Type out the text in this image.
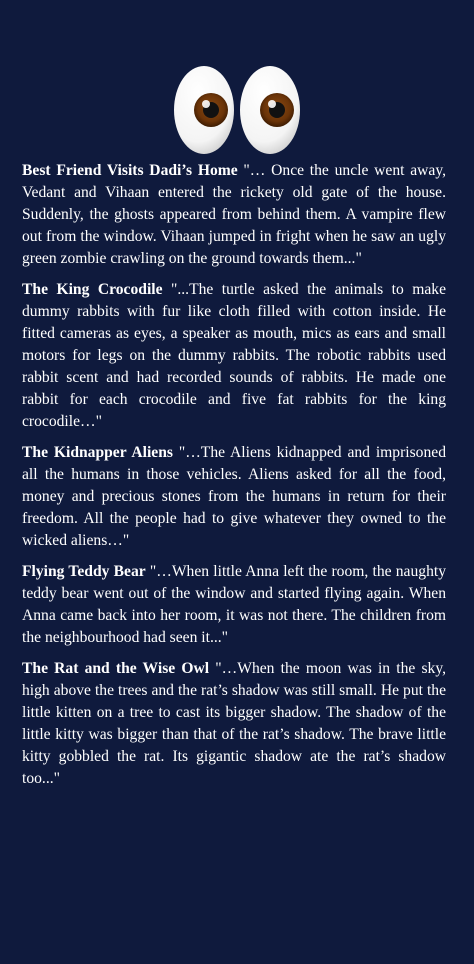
Best Friend Visits Dadi’s Home "… Once the uncle went away, Vedant and Vihaan entered the rickety old gate of the house. Suddenly, the ghosts appeared from behind them. A vampire flew out from the window. Vihaan jumped in fright when he saw an ugly green zombie crawling on the ground towards them..."

The King Crocodile "...The turtle asked the animals to make dummy rabbits with fur like cloth filled with cotton inside. He fitted cameras as eyes, a speaker as mouth, mics as ears and small motors for legs on the dummy rabbits. The robotic rabbits used rabbit scent and had recorded sounds of rabbits. He made one rabbit for each crocodile and five fat rabbits for the king crocodile…"

The Kidnapper Aliens "…The Aliens kidnapped and imprisoned all the humans in those vehicles. Aliens asked for all the food, money and precious stones from the humans in return for their freedom. All the people had to give whatever they owned to the wicked aliens…"

Flying Teddy Bear "…When little Anna left the room, the naughty teddy bear went out of the window and started flying again. When Anna came back into her room, it was not there. The children from the neighbourhood had seen it..."

The Rat and the Wise Owl "…When the moon was in the sky, high above the trees and the rat’s shadow was still small. He put the little kitten on a tree to cast its bigger shadow. The shadow of the little kitty was bigger than that of the rat’s shadow. The brave little kitty gobbled the rat. Its gigantic shadow ate the rat’s shadow too..."
